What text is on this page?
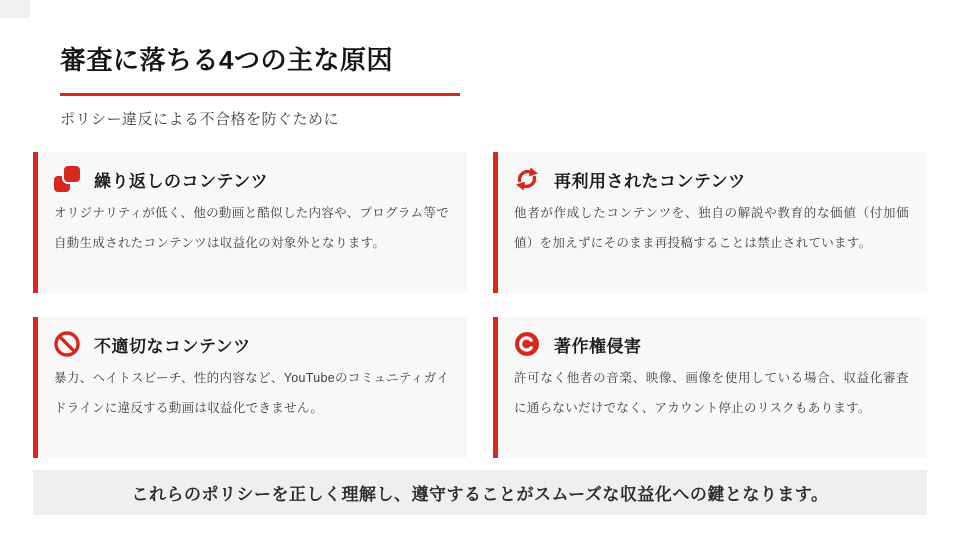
審査に落ちる4つの主な原因
ポリシー違反による不合格を防ぐために
繰り返しのコンテンツ

オリジナリティが低く、他の動画と酷似した内容や、プログラム等で自動生成されたコンテンツは収益化の対象外となります。

再利用されたコンテンツ

他者が作成したコンテンツを、独自の解説や教育的な価値（付加価値）を加えずにそのまま再投稿することは禁止されています。

不適切なコンテンツ

暴力、ヘイトスピーチ、性的内容など、YouTubeのコミュニティガイドラインに違反する動画は収益化できません。

著作権侵害

許可なく他者の音楽、映像、画像を使用している場合、収益化審査に通らないだけでなく、アカウント停止のリスクもあります。

これらのポリシーを正しく理解し、遵守することがスムーズな収益化への鍵となります。
